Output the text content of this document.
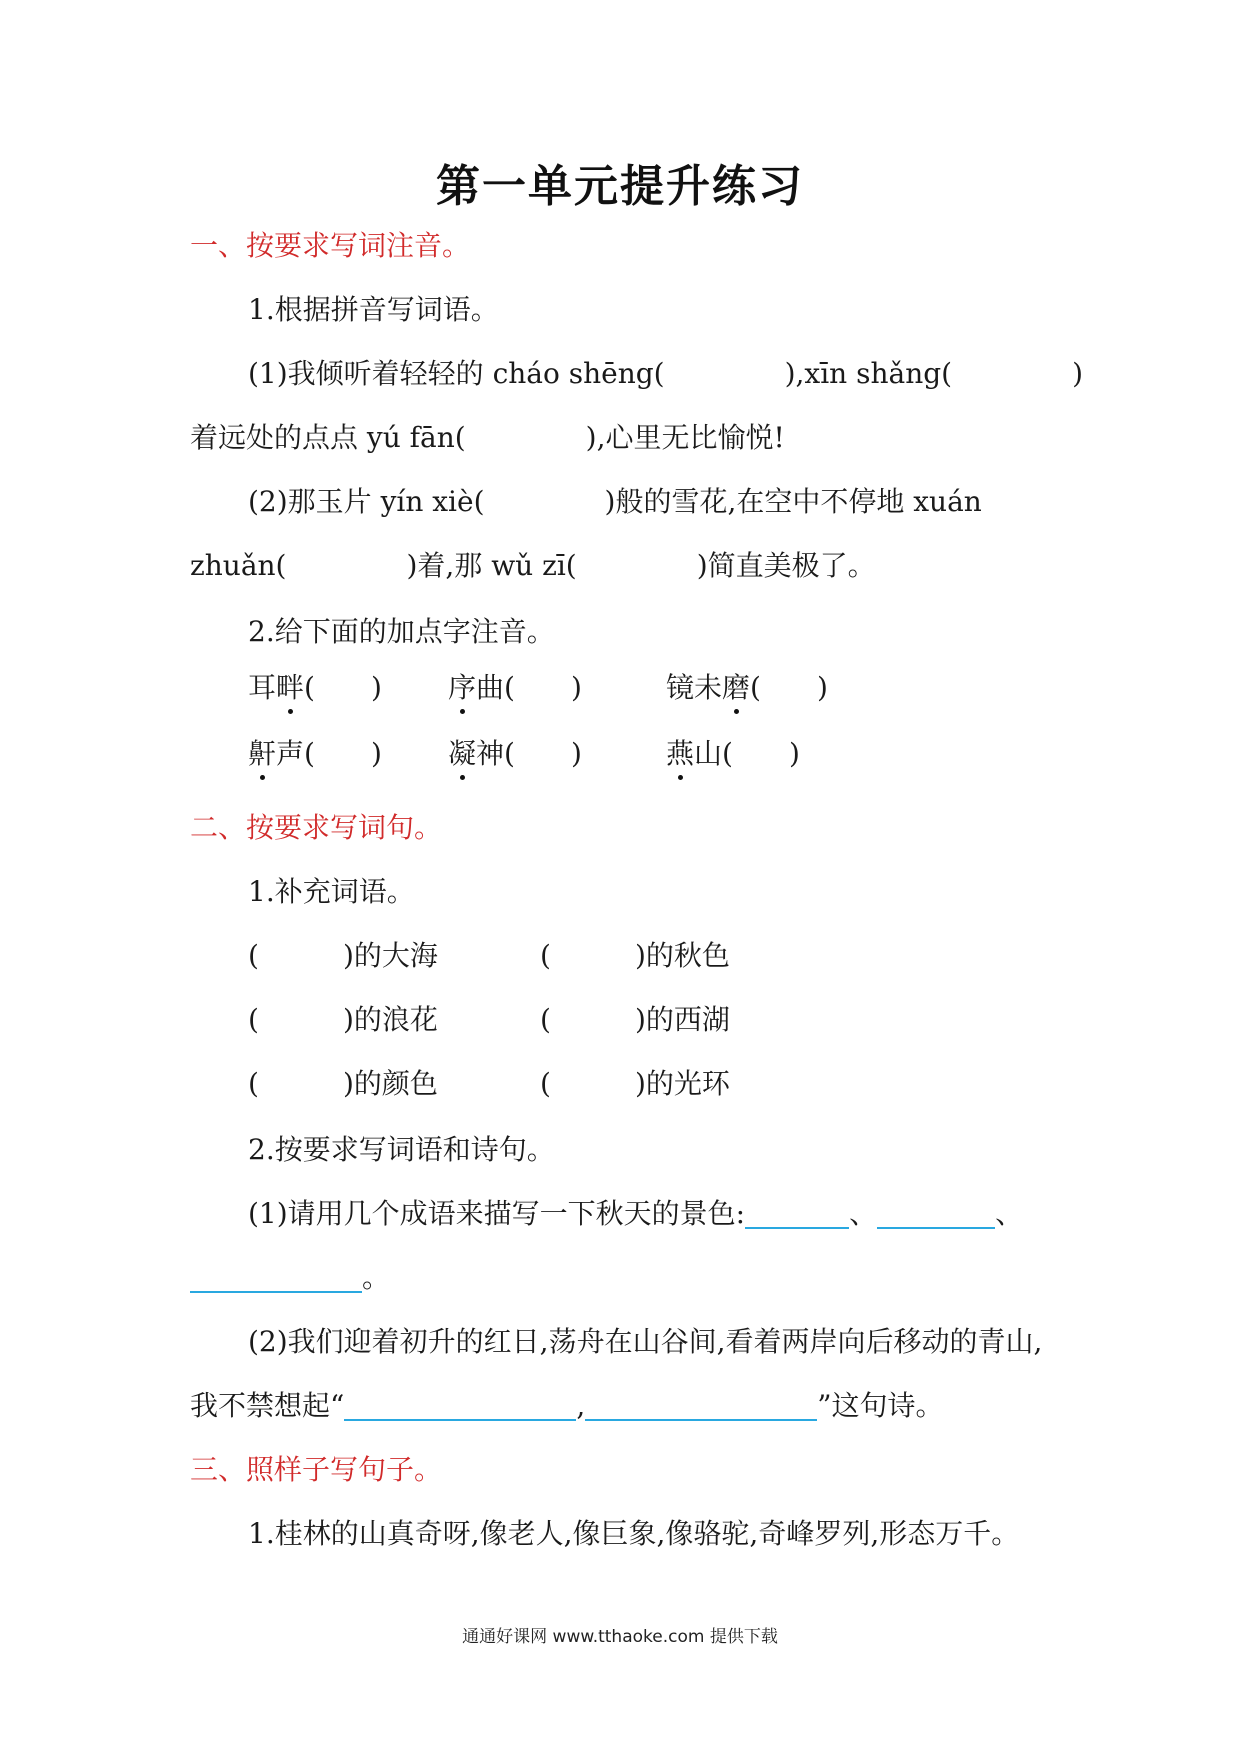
第一单元提升练习
一、按要求写词注音。
1.根据拼音写词语。
(1)我倾听着轻轻的 cháo shēng(	),xīn shǎng(	)
着远处的点点 yú fān(	),心里无比愉悦!
(2)那玉片 yín xiè(	)般的雪花,在空中不停地 xuán
zhuǎn(	)着,那 wǔ zī(	)简直美极了。
2.给下面的加点字注音。
耳畔(　　) 序曲(　　)	镜未磨(　　)
鼾声(　　) 凝神(　　)	燕山(　　)
二、按要求写词句。
1.补充词语。
(	)的大海	(	)的秋色
(	)的浪花	(	)的西湖
(	)的颜色	(	)的光环
2.按要求写词语和诗句。
(1)请用几个成语来描写一下秋天的景色:	、	、
。
(2)我们迎着初升的红日,荡舟在山谷间,看着两岸向后移动的青山,
我不禁想起“	,	”这句诗。
三、照样子写句子。
1.桂林的山真奇呀,像老人,像巨象,像骆驼,奇峰罗列,形态万千。
通通好课网 www.tthaoke.com 提供下载
